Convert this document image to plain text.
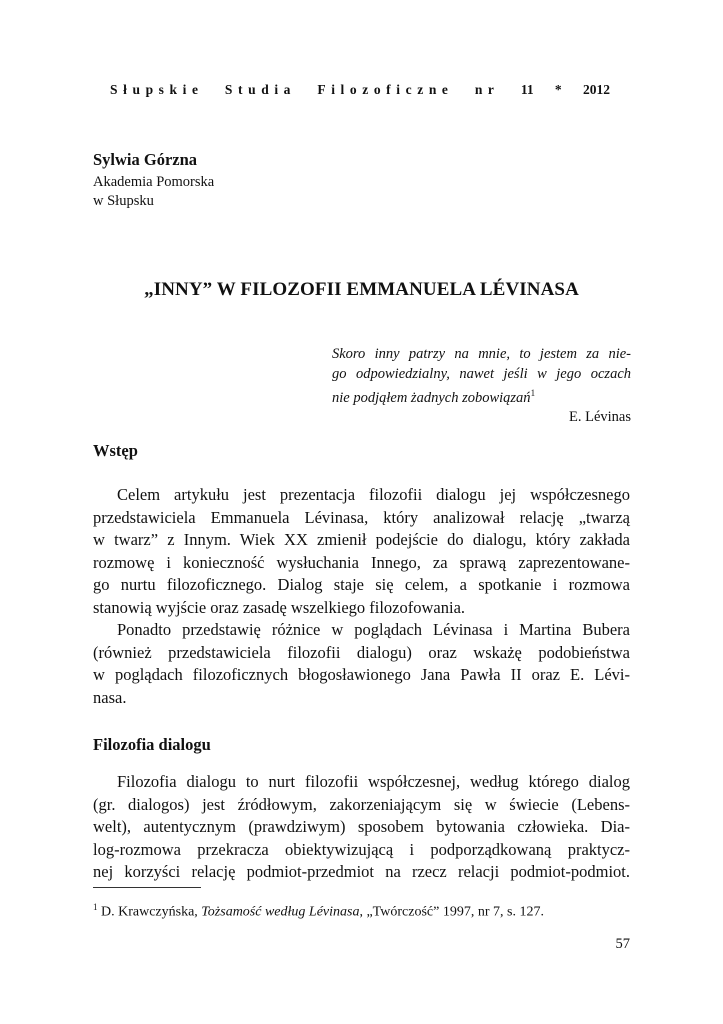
Słupskie Studia Filozoficzne nr 11 * 2012
Sylwia Górzna
Akademia Pomorska
w Słupsku
„INNY” W FILOZOFII EMMANUELA LÉVINASA
Skoro inny patrzy na mnie, to jestem za nie-
go odpowiedzialny, nawet jeśli w jego oczach
nie podjąłem żadnych zobowiązań$^1$
E. Lévinas
Wstęp
Celem artykułu jest prezentacja filozofii dialogu jej współczesnego
przedstawiciela Emmanuela Lévinasa, który analizował relację „twarzą
w twarz” z Innym. Wiek XX zmienił podejście do dialogu, który zakłada
rozmowę i konieczność wysłuchania Innego, za sprawą zaprezentowane-
go nurtu filozoficznego. Dialog staje się celem, a spotkanie i rozmowa
stanowią wyjście oraz zasadę wszelkiego filozofowania.
Ponadto przedstawię różnice w poglądach Lévinasa i Martina Bubera
(również przedstawiciela filozofii dialogu) oraz wskażę podobieństwa
w poglądach filozoficznych błogosławionego Jana Pawła II oraz E. Lévi-
nasa.
Filozofia dialogu
Filozofia dialogu to nurt filozofii współczesnej, według którego dialog
(gr. dialogos) jest źródłowym, zakorzeniającym się w świecie (Lebens-
welt), autentycznym (prawdziwym) sposobem bytowania człowieka. Dia-
log-rozmowa przekracza obiektywizującą i podporządkowaną praktycz-
nej korzyści relację podmiot-przedmiot na rzecz relacji podmiot-podmiot.
$^1$ D. Krawczyńska, Tożsamość według Lévinasa, „Twórczość” 1997, nr 7, s. 127.
57
